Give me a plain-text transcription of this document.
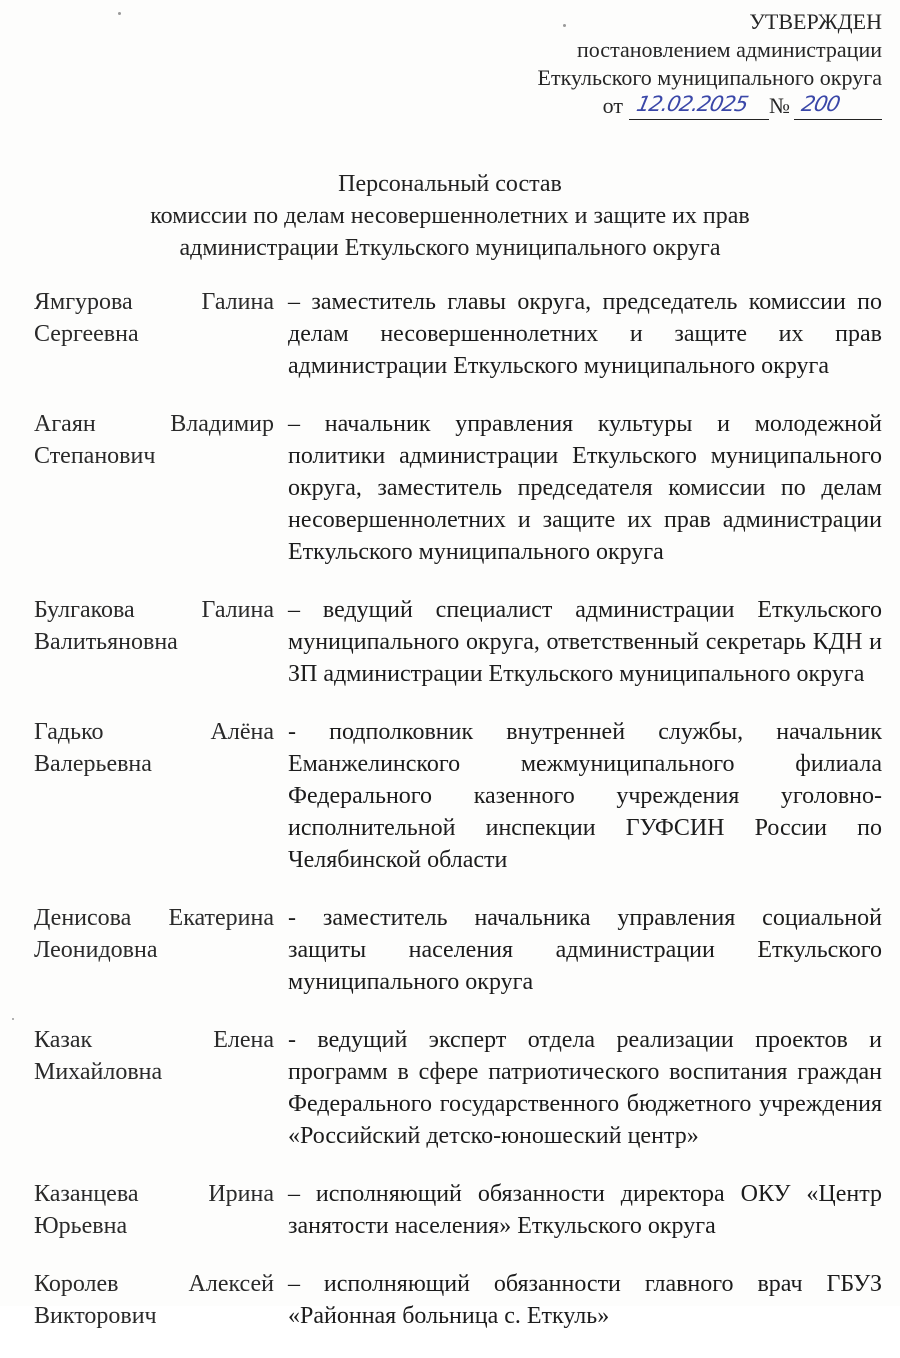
УТВЕРЖДЕН
постановлением администрации
Еткульского муниципального округа
от 12.02.2025 № 200
Персональный состав
комиссии по делам несовершеннолетних и защите их прав
администрации Еткульского муниципального округа
Ямгурова Галина Сергеевна
– заместитель главы округа, председатель комиссии по делам несовершеннолетних и защите их прав администрации Еткульского муниципального округа
Агаян Владимир Степанович
– начальник управления культуры и молодежной политики администрации Еткульского муниципального округа, заместитель председателя комиссии по делам несовершеннолетних и защите их прав администрации Еткульского муниципального округа
Булгакова Галина Валитьяновна
– ведущий специалист администрации Еткульского муниципального округа, ответственный секретарь КДН и ЗП администрации Еткульского муниципального округа
Гадько Алёна Валерьевна
- подполковник внутренней службы, начальник Еманжелинского межмуниципального филиала Федерального казенного учреждения уголовно-исполнительной инспекции ГУФСИН России по Челябинской области
Денисова Екатерина Леонидовна
- заместитель начальника управления социальной защиты населения администрации Еткульского муниципального округа
Казак Елена Михайловна
- ведущий эксперт отдела реализации проектов и программ в сфере патриотического воспитания граждан Федерального государственного бюджетного учреждения «Российский детско-юношеский центр»
Казанцева Ирина Юрьевна
– исполняющий обязанности директора ОКУ «Центр занятости населения» Еткульского округа
Королев Алексей Викторович
– исполняющий обязанности главного врач ГБУЗ «Районная больница с. Еткуль»
